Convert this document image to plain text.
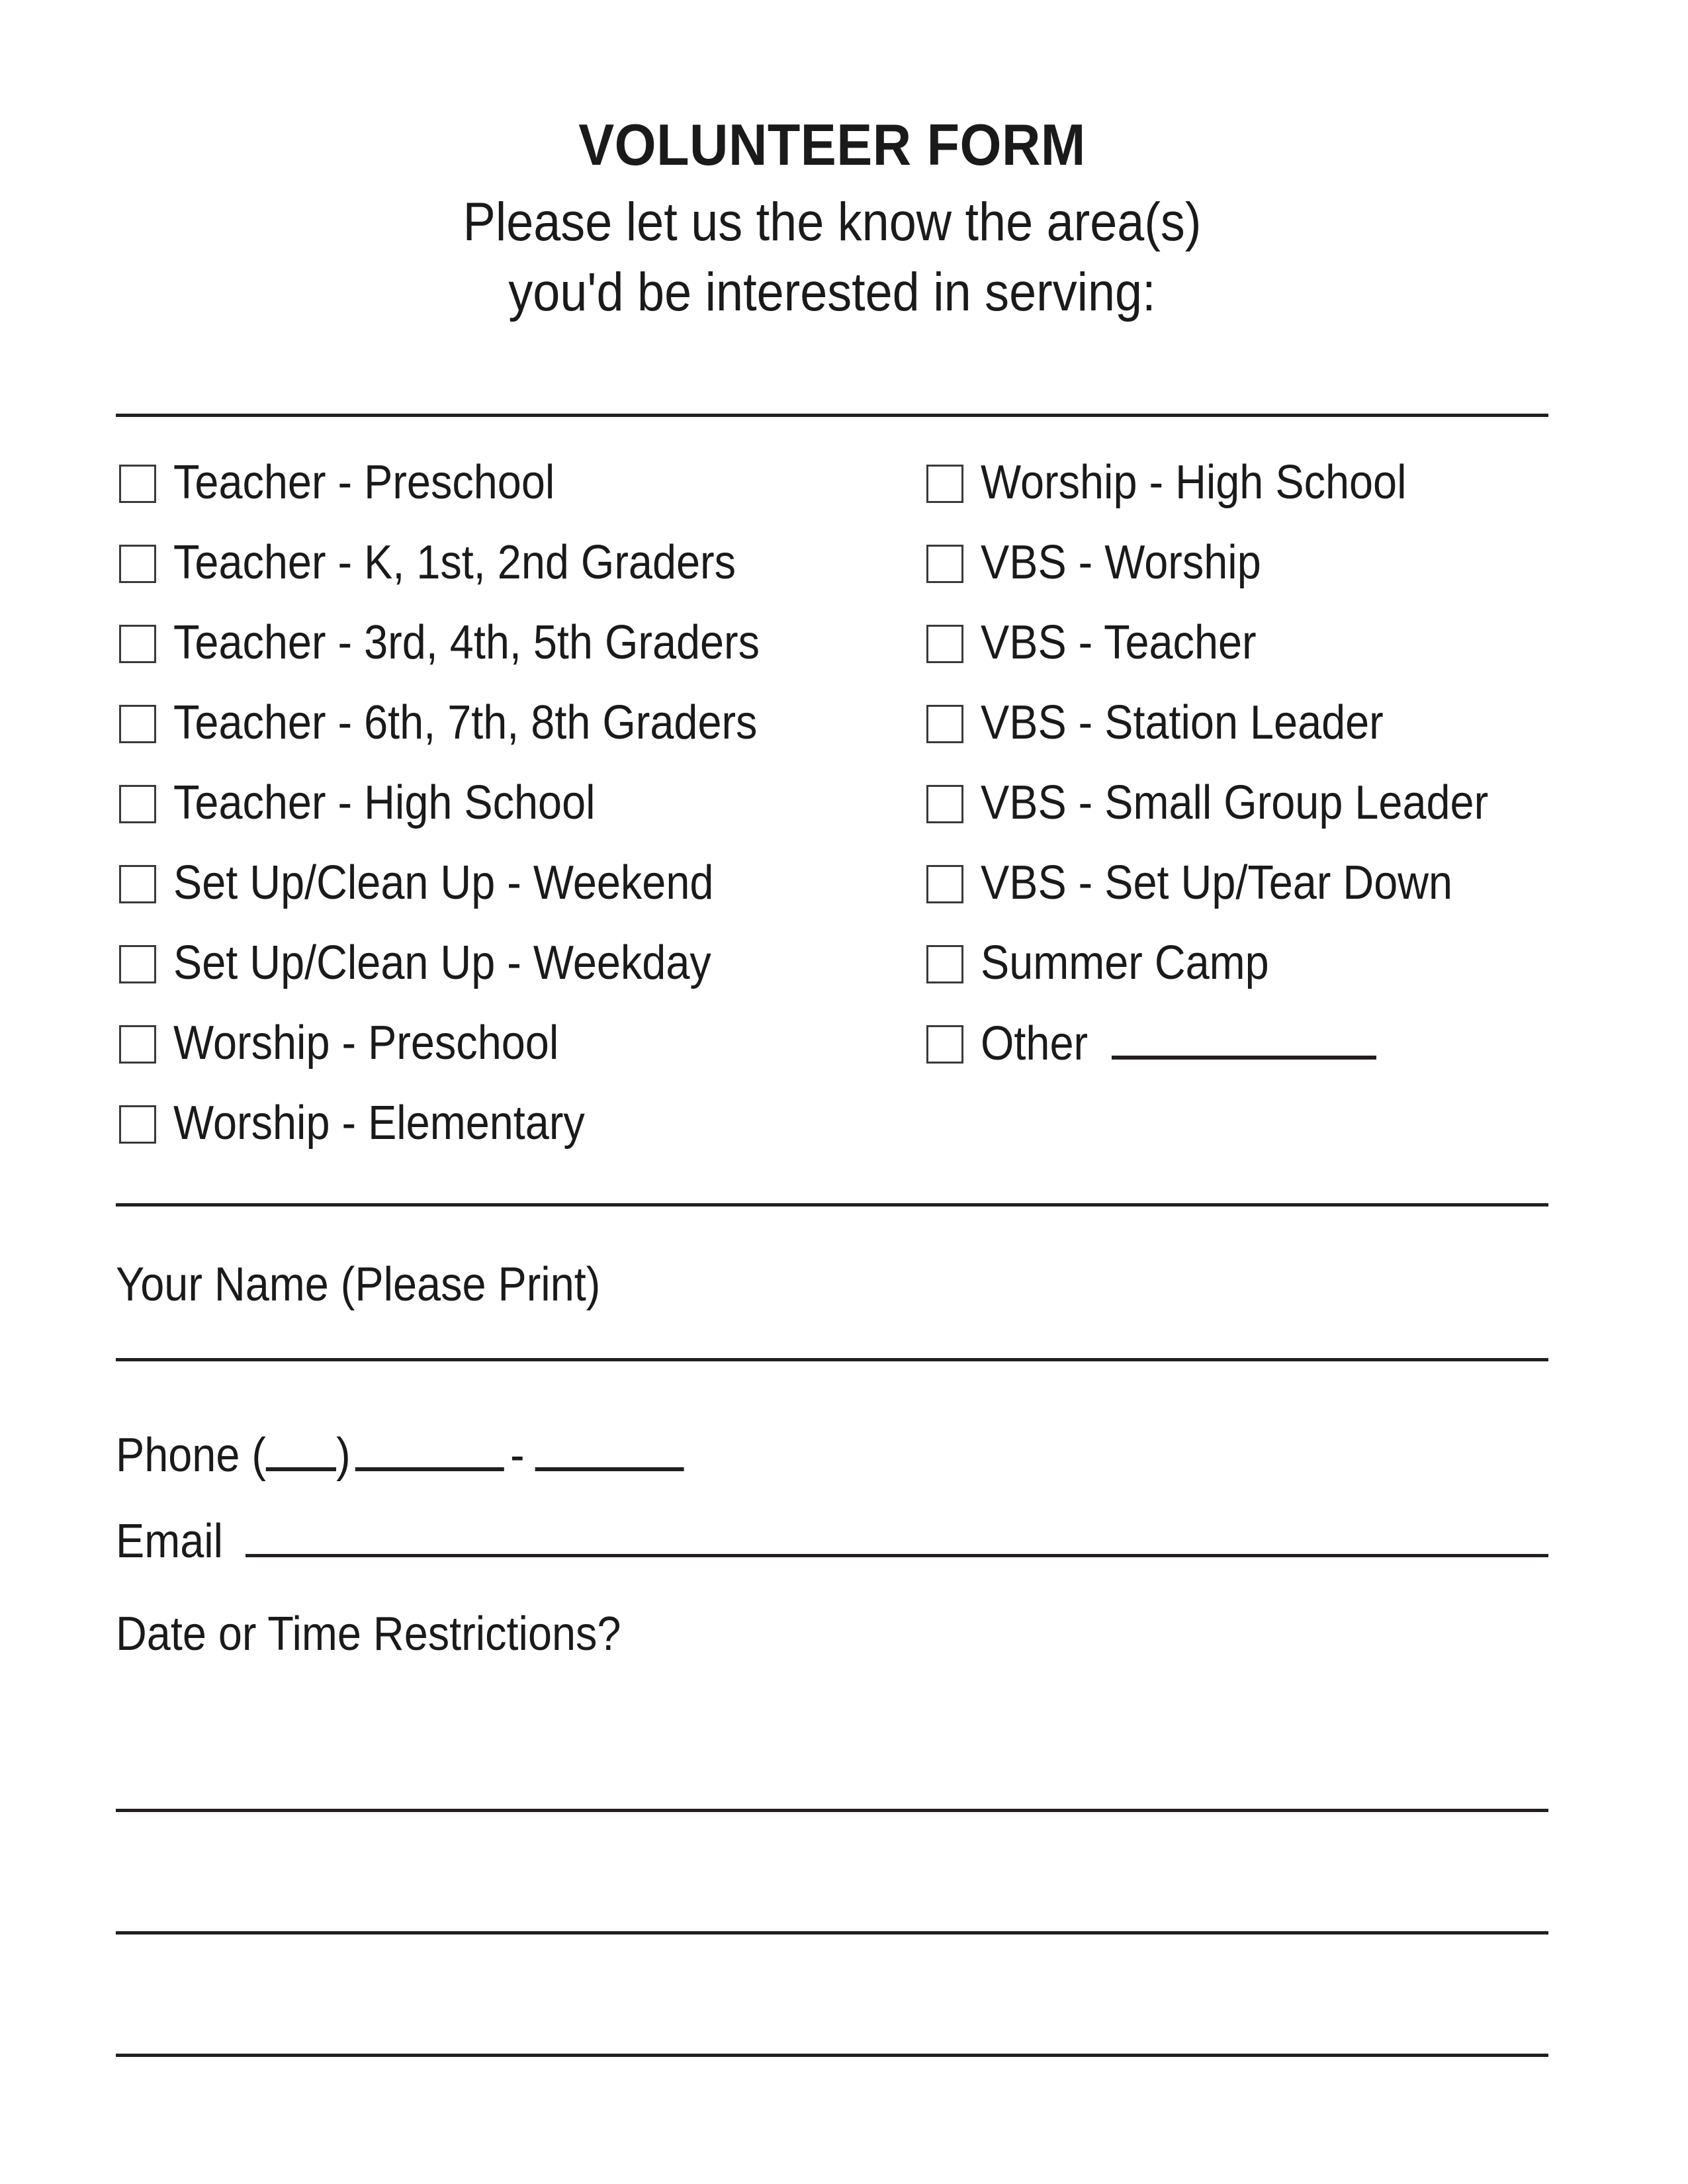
VOLUNTEER FORM
Please let us the know the area(s)
you'd be interested in serving:
Teacher - Preschool
Teacher - K, 1st, 2nd Graders
Teacher - 3rd, 4th, 5th Graders
Teacher - 6th, 7th, 8th Graders
Teacher - High School
Set Up/Clean Up - Weekend
Set Up/Clean Up - Weekday
Worship - Preschool
Worship - Elementary
Worship - High School
VBS - Worship
VBS - Teacher
VBS - Station Leader
VBS - Small Group Leader
VBS - Set Up/Tear Down
Summer Camp
Other
Your Name (Please Print)
Phone ( )	-
Email
Date or Time Restrictions?
